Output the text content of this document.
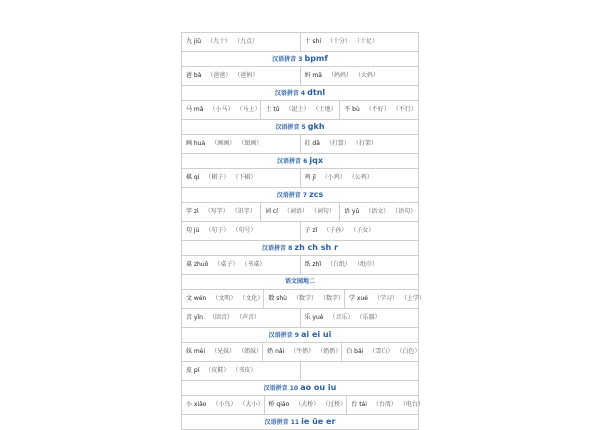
九 jiǔ （九十） （九点）	十 shí （十分） （十足）
汉语拼音 3 bpmf
爸 bà （爸爸） （爸妈）	妈 mā （妈妈） （大妈）
汉语拼音 4 dtnl
马 mǎ （小马） （马上） 土 tǔ （泥土） （土地）	不 bù （不好） （不行）
汉语拼音 5 gkh
画 huà （画画） （图画）	打 dǎ （打算） （打架）
汉语拼音 6 jqx
棋 qí （棋子） （下棋）	鸡 jī （小鸡） （公鸡）
汉语拼音 7 zcs
字 zì （写字） （识字）	词 cí （词语） （词句）	语 yǔ （语文） （语句）
句 jù （句子） （句号）	子 zǐ （子孙） （子女）
汉语拼音 8 zh ch sh r
桌 zhuō （桌子） （书桌）	纸 zhǐ （白纸） （纸巾）
语文园地二
文 wén （文明） （文化） 数 shù （数学） （数字） 学 xué （学习） （上学）
音 yīn （回音） （声音）	乐 yuè （音乐） （乐器）
汉语拼音 9 ai ei ui
妹 mèi （兄妹） （姐妹） 奶 nǎi （牛奶） （奶奶） 白 bái （雪白） （白色）
皮 pí （皮鞋） （书皮）
汉语拼音 10 ao ou iu
小 xiǎo （小鸟） （大小） 桥 qiáo （大桥） （过桥） 台 tái （台湾） （电台）
汉语拼音 11 ie üe er
